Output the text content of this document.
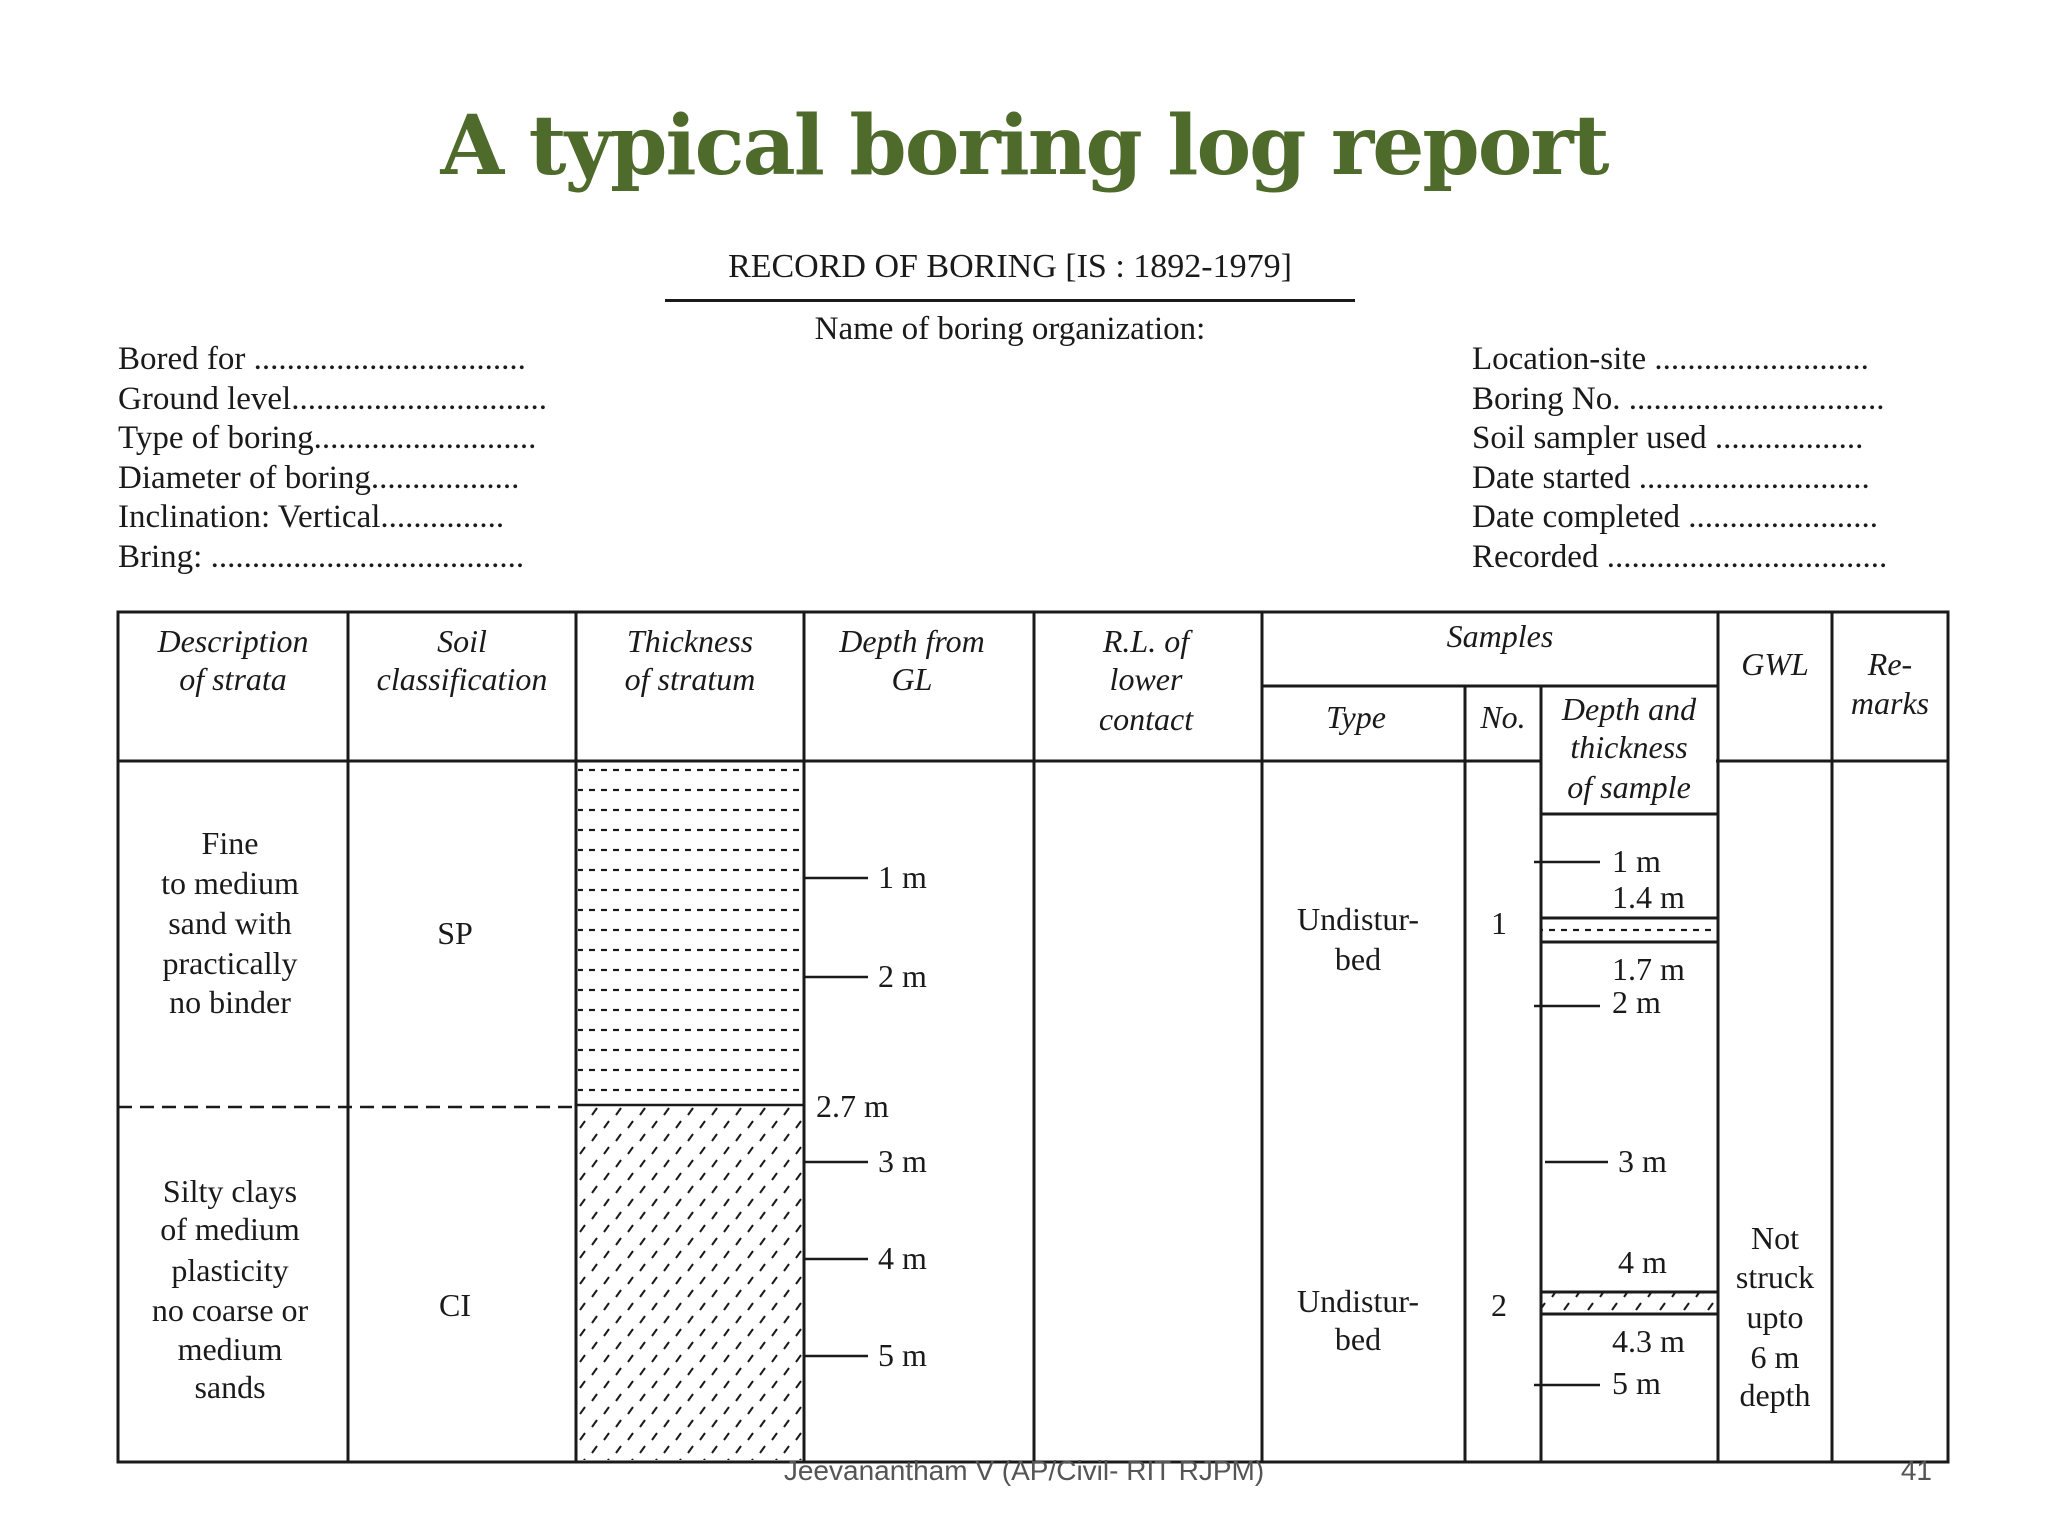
A typical boring log report
RECORD OF BORING [IS : 1892-1979]
Name of boring organization:
Bored for .................................
Ground level...............................
Type of boring...........................
Diameter of boring..................
Inclination: Vertical...............
Bring: ......................................
Location-site ..........................
Boring No. ...............................
Soil sampler used ..................
Date started ............................
Date completed .......................
Recorded ..................................
Description
of strata
Soil
classification
Thickness
of stratum
Depth from
GL
R.L. of
lower
contact
Samples
Type	No. Depth and
thickness
of sample
GWL Re-
marks
Fine
to medium
sand with
practically
no binder
SP
Silty clays
of medium
plasticity
no coarse or
medium
sands
CI
1 m
2 m
2.7 m
3 m
4 m
5 m
Undistur-
bed
1
Undistur-
bed
2
1 m
1.4 m
1.7 m
2 m
3 m
4 m
4.3 m
5 m
Not
struck
upto
6 m
depth
Jeevanantham V (AP/Civil- RIT RJPM)	41
